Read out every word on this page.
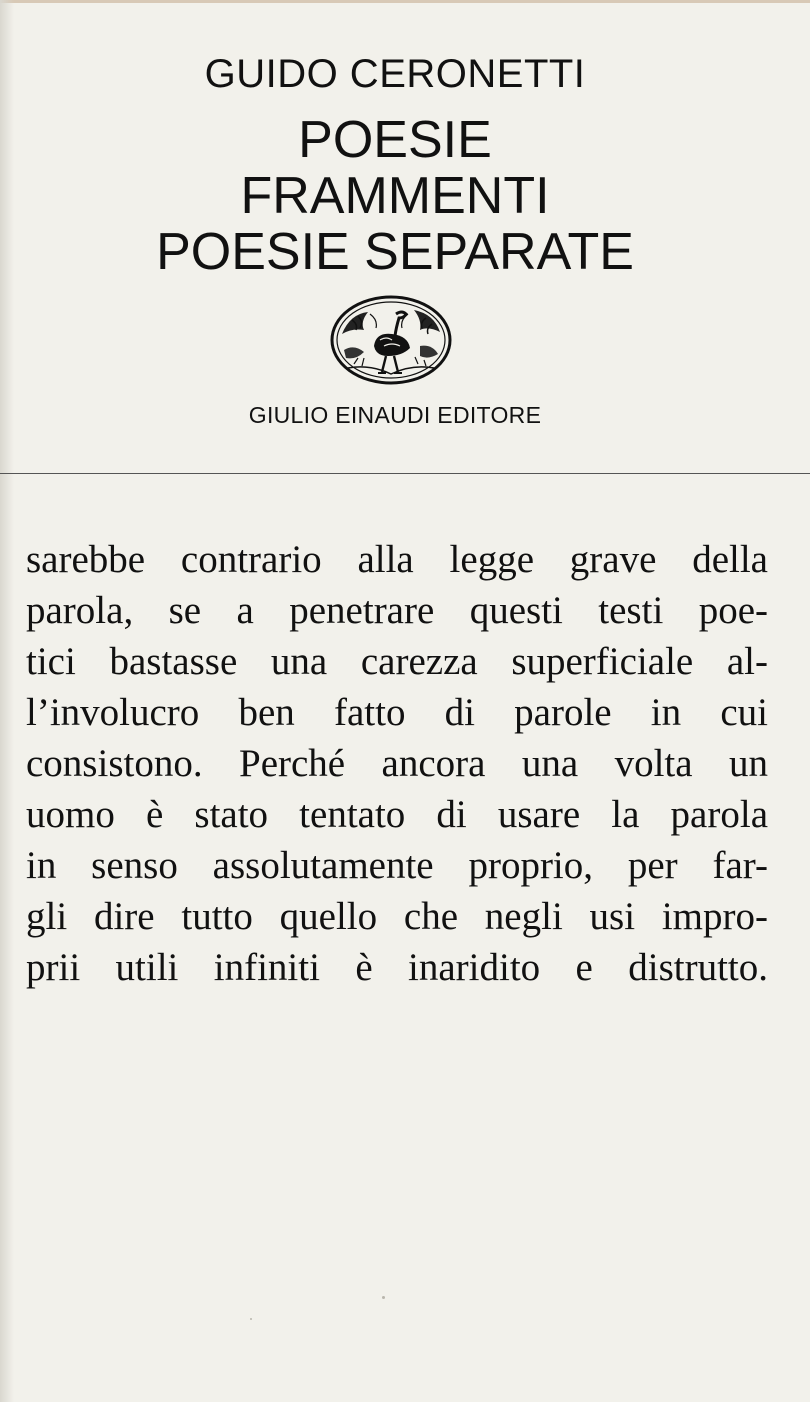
GUIDO CERONETTI
POESIE
FRAMMENTI
POESIE SEPARATE
GIULIO EINAUDI EDITORE
sarebbe contrario alla legge grave della
parola, se a penetrare questi testi poe-
tici bastasse una carezza superficiale al-
l’involucro ben fatto di parole in cui
consistono. Perché ancora una volta un
uomo è stato tentato di usare la parola
in senso assolutamente proprio, per far-
gli dire tutto quello che negli usi impro-
prii utili infiniti è inaridito e distrutto.
